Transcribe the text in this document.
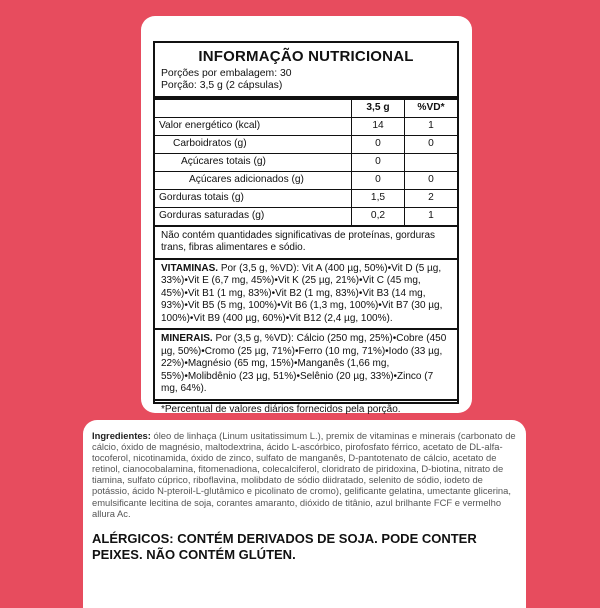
INFORMAÇÃO NUTRICIONAL
Porções por embalagem: 30
Porção: 3,5 g (2 cápsulas)
	3,5 g	%VD*
Valor energético (kcal)	14	1
Carboidratos (g)	0	0
Açúcares totais (g)	0	
Açúcares adicionados (g)	0	0
Gorduras totais (g)	1,5	2
Gorduras saturadas (g)	0,2	1
Não contém quantidades significativas de proteínas, gorduras trans, fibras alimentares e sódio.
VITAMINAS. Por (3,5 g, %VD): Vit A (400 µg, 50%)•Vit D (5 µg, 33%)•Vit E (6,7 mg, 45%)•Vit K (25 µg, 21%)•Vit C (45 mg, 45%)•Vit B1 (1 mg, 83%)•Vit B2 (1 mg, 83%)•Vit B3 (14 mg, 93%)•Vit B5 (5 mg, 100%)•Vit B6 (1,3 mg, 100%)•Vit B7 (30 µg, 100%)•Vit B9 (400 µg, 60%)•Vit B12 (2,4 µg, 100%).
MINERAIS. Por (3,5 g, %VD): Cálcio (250 mg, 25%)•Cobre (450 µg, 50%)•Cromo (25 µg, 71%)•Ferro (10 mg, 71%)•Iodo (33 µg, 22%)•Magnésio (65 mg, 15%)•Manganês (1,66 mg, 55%)•Molibdênio (23 µg, 51%)•Selênio (20 µg, 33%)•Zinco (7 mg, 64%).
*Percentual de valores diários fornecidos pela porção.
Ingredientes: óleo de linhaça (Linum usitatissimum L.), premix de vitaminas e minerais (carbonato de cálcio, óxido de magnésio, maltodextrina, ácido L-ascórbico, pirofosfato férrico, acetato de DL-alfa-tocoferol, nicotinamida, óxido de zinco, sulfato de manganês, D-pantotenato de cálcio, acetato de retinol, cianocobalamina, fitomenadiona, colecalciferol, cloridrato de piridoxina, D-biotina, nitrato de tiamina, sulfato cúprico, riboflavina, molibdato de sódio diidratado, selenito de sódio, iodeto de potássio, ácido N-pteroil-L-glutâmico e picolinato de cromo), gelificante gelatina, umectante glicerina, emulsificante lecitina de soja, corantes amaranto, dióxido de titânio, azul brilhante FCF e vermelho allura Ac.
ALÉRGICOS: CONTÉM DERIVADOS DE SOJA. PODE CONTER PEIXES. NÃO CONTÉM GLÚTEN.
